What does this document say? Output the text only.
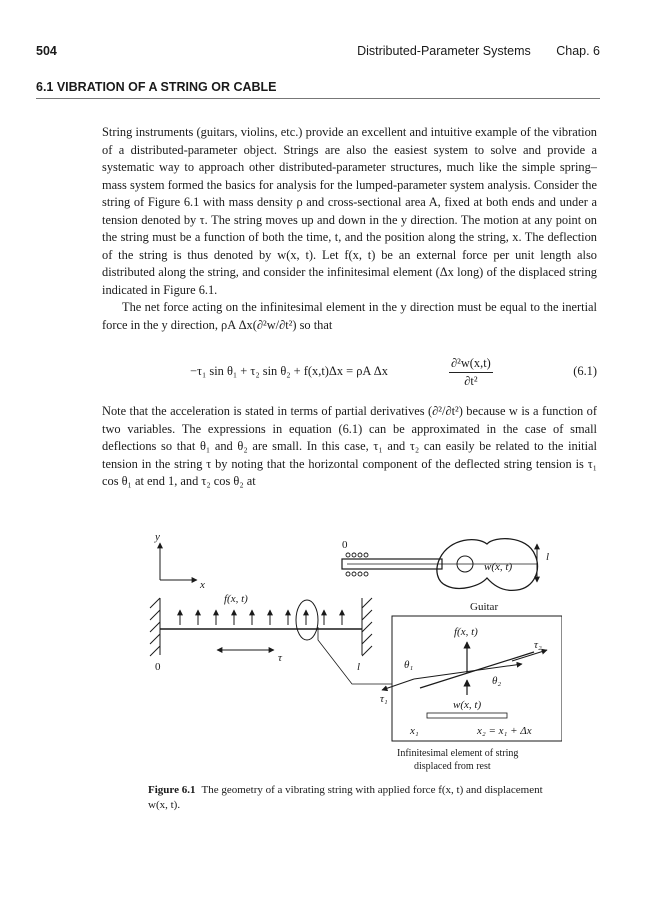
504	Distributed-Parameter Systems Chap. 6
6.1 VIBRATION OF A STRING OR CABLE

String instruments (guitars, violins, etc.) provide an excellent and intuitive example of the vibration of a distributed-parameter object. Strings are also the easiest system to solve and provide a systematic way to approach other distributed-parameter structures, much like the simple spring–mass system formed the basics for analysis for the lumped-parameter system analysis. Consider the string of Figure 6.1 with mass density ρ and cross-sectional area A, fixed at both ends and under a tension denoted by τ. The string moves up and down in the y direction. The motion at any point on the string must be a function of both the time, t, and the position along the string, x. The deflection of the string is thus denoted by w(x, t). Let f(x, t) be an external force per unit length also distributed along the string, and consider the infinitesimal element (Δx long) of the displaced string indicated in Figure 6.1.

The net force acting on the infinitesimal element in the y direction must be equal to the inertial force in the y direction, ρA Δx(∂²w/∂t²) so that

−τ₁ sin θ₁ + τ₂ sin θ₂ + f(x,t)Δx = ρA Δx	$\frac{\text{∂²w(x,t)}}{\text{∂t²}}$	(6.1)

Note that the acceleration is stated in terms of partial derivatives (∂²/∂t²) because w is a function of two variables. The expressions in equation (6.1) can be approximated in the case of small deflections so that θ₁ and θ₂ are small. In this case, τ₁ and τ₂ can easily be related to the initial tension in the string τ by noting that the horizontal component of the deflected string tension is τ₁ cos θ₁ at end 1, and τ₂ cos θ₂ at

y
x
f(x, t)
τ
0	l
0
w(x, t)
l
Guitar
f(x, t)
θ₁
θ₂
τ₁
τ₂
w(x, t)
x₁	x₂ = x₁ + Δx
Infinitesimal element of string
displaced from rest
Figure 6.1 The geometry of a vibrating string with applied force f(x, t) and displacement w(x, t).
